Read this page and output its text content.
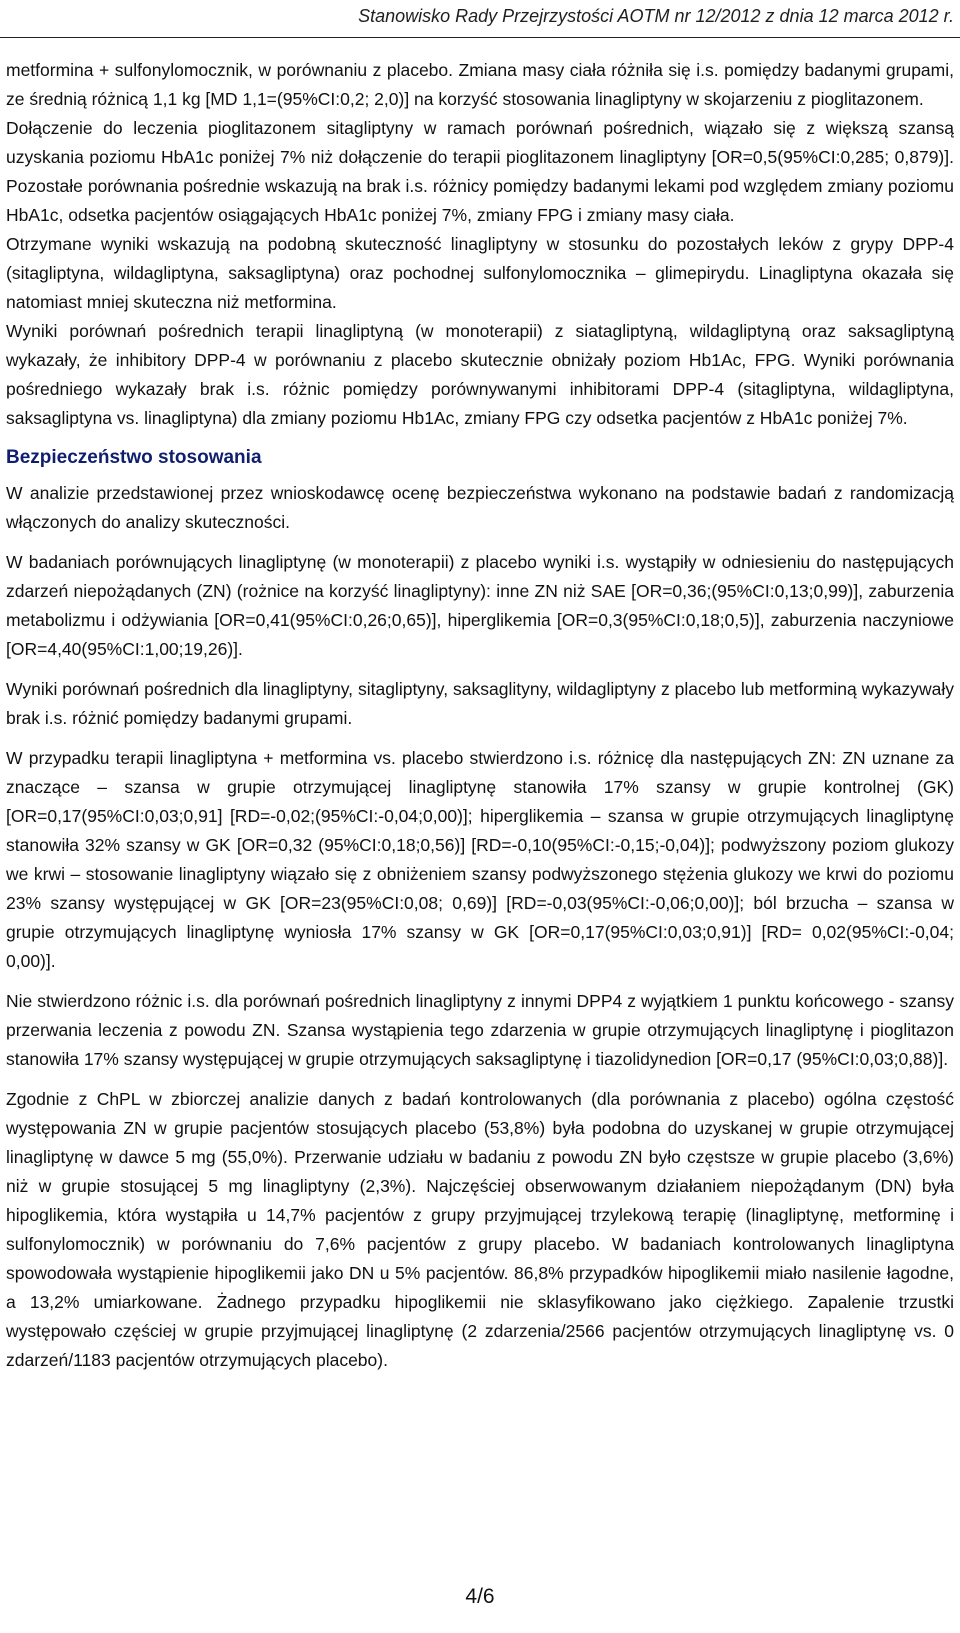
Stanowisko Rady Przejrzystości AOTM nr 12/2012 z dnia 12 marca 2012 r.

metformina + sulfonylomocznik, w porównaniu z placebo. Zmiana masy ciała różniła się i.s. pomiędzy badanymi grupami, ze średnią różnicą 1,1 kg [MD 1,1=(95%CI:0,2; 2,0)] na korzyść stosowania linagliptyny w skojarzeniu z pioglitazonem.

Dołączenie do leczenia pioglitazonem sitagliptyny w ramach porównań pośrednich, wiązało się z większą szansą uzyskania poziomu HbA1c poniżej 7% niż dołączenie do terapii pioglitazonem linagliptyny [OR=0,5(95%CI:0,285; 0,879)]. Pozostałe porównania pośrednie wskazują na brak i.s. różnicy pomiędzy badanymi lekami pod względem zmiany poziomu HbA1c, odsetka pacjentów osiągających HbA1c poniżej 7%, zmiany FPG i zmiany masy ciała.

Otrzymane wyniki wskazują na podobną skuteczność linagliptyny w stosunku do pozostałych leków z grypy DPP-4 (sitagliptyna, wildagliptyna, saksagliptyna) oraz pochodnej sulfonylomocznika – glimepirydu. Linagliptyna okazała się natomiast mniej skuteczna niż metformina.

Wyniki porównań pośrednich terapii linagliptyną (w monoterapii) z siatagliptyną, wildagliptyną oraz saksagliptyną wykazały, że inhibitory DPP-4 w porównaniu z placebo skutecznie obniżały poziom Hb1Ac, FPG. Wyniki porównania pośredniego wykazały brak i.s. różnic pomiędzy porównywanymi inhibitorami DPP-4 (sitagliptyna, wildagliptyna, saksagliptyna vs. linagliptyna) dla zmiany poziomu Hb1Ac, zmiany FPG czy odsetka pacjentów z HbA1c poniżej 7%.

Bezpieczeństwo stosowania

W analizie przedstawionej przez wnioskodawcę ocenę bezpieczeństwa wykonano na podstawie badań z randomizacją włączonych do analizy skuteczności.

W badaniach porównujących linagliptynę (w monoterapii) z placebo wyniki i.s. wystąpiły w odniesieniu do następujących zdarzeń niepożądanych (ZN) (rożnice na korzyść linagliptyny): inne ZN niż SAE [OR=0,36;(95%CI:0,13;0,99)], zaburzenia metabolizmu i odżywiania [OR=0,41(95%CI:0,26;0,65)], hiperglikemia [OR=0,3(95%CI:0,18;0,5)], zaburzenia naczyniowe [OR=4,40(95%CI:1,00;19,26)].

Wyniki porównań pośrednich dla linagliptyny, sitagliptyny, saksaglityny, wildagliptyny z placebo lub metforminą wykazywały brak i.s. różnić pomiędzy badanymi grupami.

W przypadku terapii linagliptyna + metformina vs. placebo stwierdzono i.s. różnicę dla następujących ZN: ZN uznane za znaczące – szansa w grupie otrzymującej linagliptynę stanowiła 17% szansy w grupie kontrolnej (GK) [OR=0,17(95%CI:0,03;0,91] [RD=-0,02;(95%CI:-0,04;0,00)]; hiperglikemia – szansa w grupie otrzymujących linagliptynę stanowiła 32% szansy w GK [OR=0,32 (95%CI:0,18;0,56)] [RD=-0,10(95%CI:-0,15;-0,04)]; podwyższony poziom glukozy we krwi – stosowanie linagliptyny wiązało się z obniżeniem szansy podwyższonego stężenia glukozy we krwi do poziomu 23% szansy występującej w GK [OR=23(95%CI:0,08; 0,69)] [RD=-0,03(95%CI:-0,06;0,00)]; ból brzucha – szansa w grupie otrzymujących linagliptynę wyniosła 17% szansy w GK [OR=0,17(95%CI:0,03;0,91)] [RD= 0,02(95%CI:-0,04; 0,00)].

Nie stwierdzono różnic i.s. dla porównań pośrednich linagliptyny z innymi DPP4 z wyjątkiem 1 punktu końcowego - szansy przerwania leczenia z powodu ZN. Szansa wystąpienia tego zdarzenia w grupie otrzymujących linagliptynę i pioglitazon stanowiła 17% szansy występującej w grupie otrzymujących saksagliptynę i tiazolidynedion [OR=0,17 (95%CI:0,03;0,88)].

Zgodnie z ChPL w zbiorczej analizie danych z badań kontrolowanych (dla porównania z placebo) ogólna częstość występowania ZN w grupie pacjentów stosujących placebo (53,8%) była podobna do uzyskanej w grupie otrzymującej linagliptynę w dawce 5 mg (55,0%). Przerwanie udziału w badaniu z powodu ZN było częstsze w grupie placebo (3,6%) niż w grupie stosującej 5 mg linagliptyny (2,3%). Najczęściej obserwowanym działaniem niepożądanym (DN) była hipoglikemia, która wystąpiła u 14,7% pacjentów z grupy przyjmującej trzylekową terapię (linagliptynę, metforminę i sulfonylomocznik) w porównaniu do 7,6% pacjentów z grupy placebo. W badaniach kontrolowanych linagliptyna spowodowała wystąpienie hipoglikemii jako DN u 5% pacjentów. 86,8% przypadków hipoglikemii miało nasilenie łagodne, a 13,2% umiarkowane. Żadnego przypadku hipoglikemii nie sklasyfikowano jako ciężkiego. Zapalenie trzustki występowało częściej w grupie przyjmującej linagliptynę (2 zdarzenia/2566 pacjentów otrzymujących linagliptynę vs. 0 zdarzeń/1183 pacjentów otrzymujących placebo).

4/6
